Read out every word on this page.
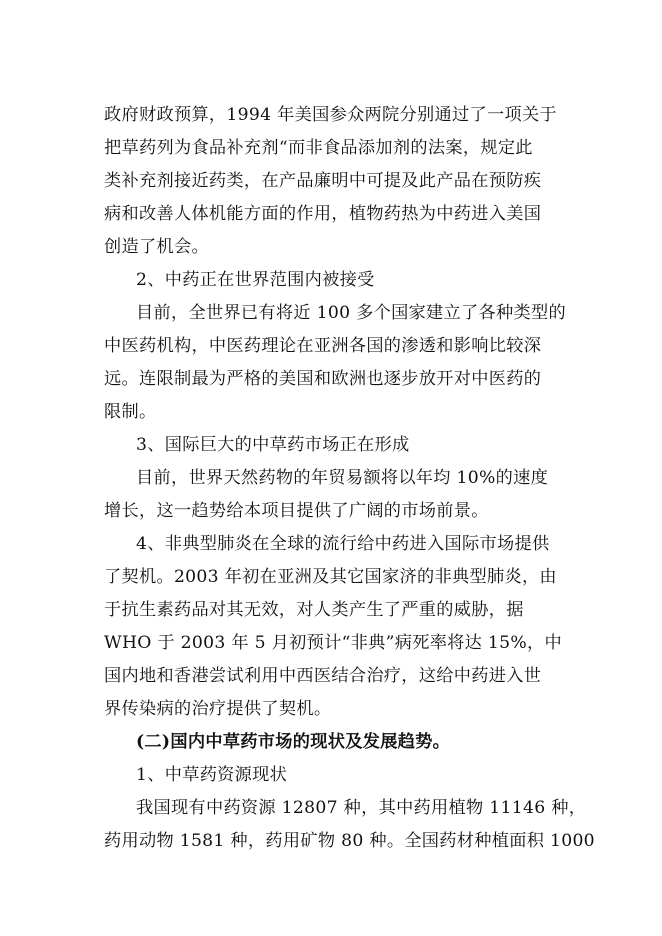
政府财政预算，1994 年美国参众两院分别通过了一项关于
把草药列为食品补充剂“而非食品添加剂的法案，规定此
类补充剂接近药类，在产品廉明中可提及此产品在预防疾
病和改善人体机能方面的作用，植物药热为中药进入美国
创造了机会。
2、中药正在世界范围内被接受
目前，全世界已有将近 100 多个国家建立了各种类型的
中医药机构，中医药理论在亚洲各国的渗透和影响比较深
远。连限制最为严格的美国和欧洲也逐步放开对中医药的
限制。
3、国际巨大的中草药市场正在形成
目前，世界天然药物的年贸易额将以年均 10%的速度
增长，这一趋势给本项目提供了广阔的市场前景。
4、非典型肺炎在全球的流行给中药进入国际市场提供
了契机。2003 年初在亚洲及其它国家济的非典型肺炎，由
于抗生素药品对其无效，对人类产生了严重的威胁，据
WHO 于 2003 年 5 月初预计“非典”病死率将达 15%，中
国内地和香港尝试利用中西医结合治疗，这给中药进入世
界传染病的治疗提供了契机。
(二)国内中草药市场的现状及发展趋势。
1、中草药资源现状
我国现有中药资源 12807 种，其中药用植物 11146 种，
药用动物 1581 种，药用矿物 80 种。全国药材种植面积 1000
